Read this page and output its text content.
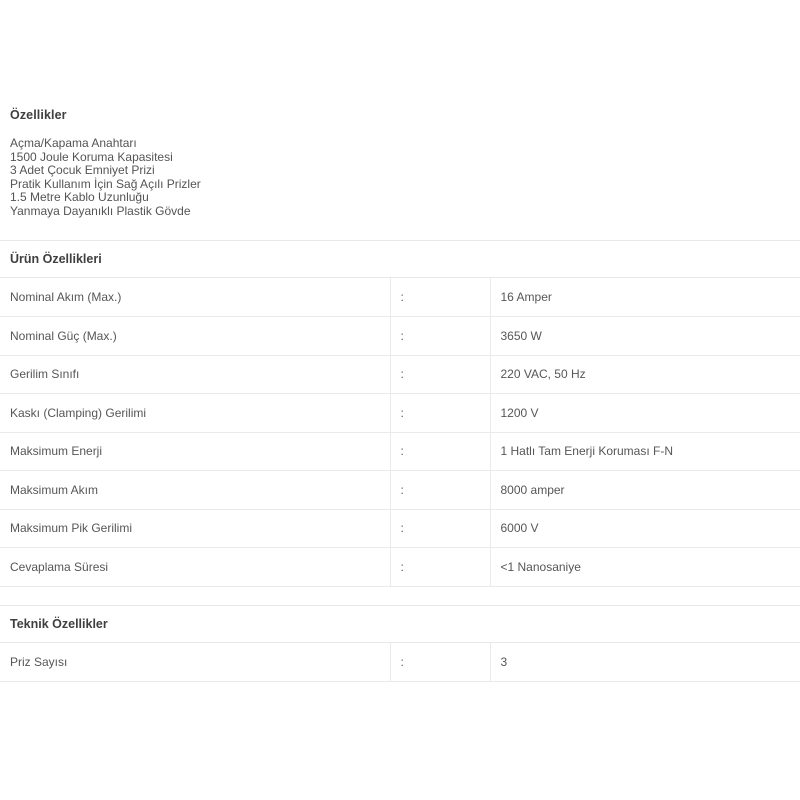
Özellikler
Açma/Kapama Anahtarı
1500 Joule Koruma Kapasitesi
3 Adet Çocuk Emniyet Prizi
Pratik Kullanım İçin Sağ Açılı Prizler
1.5 Metre Kablo Uzunluğu
Yanmaya Dayanıklı Plastik Gövde
Ürün Özellikleri
Nominal Akım (Max.)	:	16 Amper
Nominal Güç (Max.)	:	3650 W
Gerilim Sınıfı	:	220 VAC, 50 Hz
Kaskı (Clamping) Gerilimi	:	1200 V
Maksimum Enerji	:	1 Hatlı Tam Enerji Koruması F-N
Maksimum Akım	:	8000 amper
Maksimum Pik Gerilimi	:	6000 V
Cevaplama Süresi	:	<1 Nanosaniye
Teknik Özellikler
Priz Sayısı	:	3
